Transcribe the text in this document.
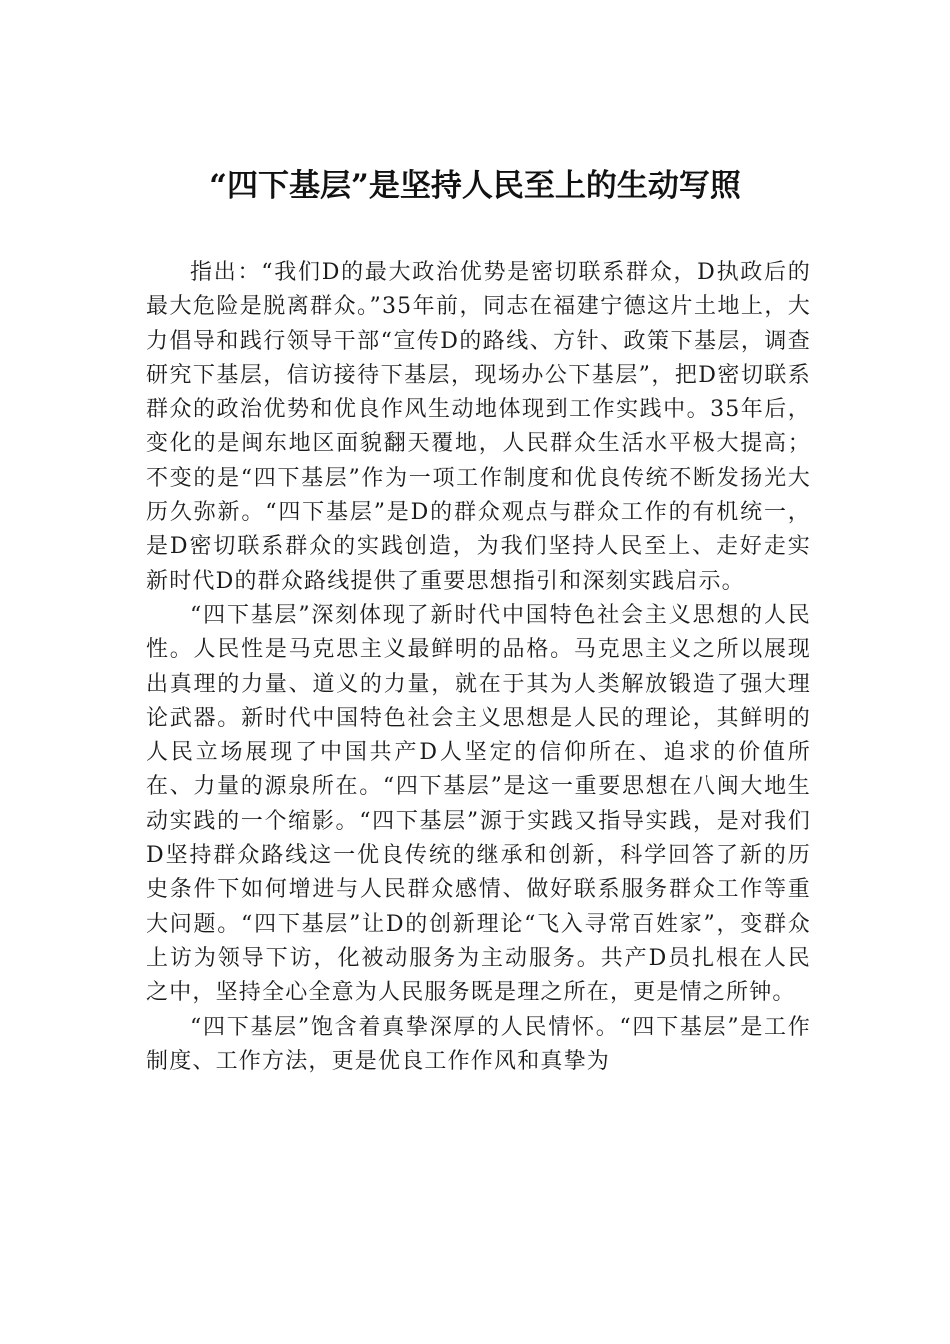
“四下基层”是坚持人民至上的生动写照

指出：“我们D的最大政治优势是密切联系群众，D执政后的最大危险是脱离群众。”35年前，同志在福建宁德这片土地上，大力倡导和践行领导干部“宣传D的路线、方针、政策下基层，调查研究下基层，信访接待下基层，现场办公下基层”，把D密切联系群众的政治优势和优良作风生动地体现到工作实践中。35年后，变化的是闽东地区面貌翻天覆地，人民群众生活水平极大提高；不变的是“四下基层”作为一项工作制度和优良传统不断发扬光大历久弥新。“四下基层”是D的群众观点与群众工作的有机统一，是D密切联系群众的实践创造，为我们坚持人民至上、走好走实新时代D的群众路线提供了重要思想指引和深刻实践启示。

“四下基层”深刻体现了新时代中国特色社会主义思想的人民性。人民性是马克思主义最鲜明的品格。马克思主义之所以展现出真理的力量、道义的力量，就在于其为人类解放锻造了强大理论武器。新时代中国特色社会主义思想是人民的理论，其鲜明的人民立场展现了中国共产D人坚定的信仰所在、追求的价值所在、力量的源泉所在。“四下基层”是这一重要思想在八闽大地生动实践的一个缩影。“四下基层”源于实践又指导实践，是对我们D坚持群众路线这一优良传统的继承和创新，科学回答了新的历史条件下如何增进与人民群众感情、做好联系服务群众工作等重大问题。“四下基层”让D的创新理论“飞入寻常百姓家”，变群众上访为领导下访，化被动服务为主动服务。共产D员扎根在人民之中，坚持全心全意为人民服务既是理之所在，更是情之所钟。

“四下基层”饱含着真挚深厚的人民情怀。“四下基层”是工作制度、工作方法，更是优良工作作风和真挚为
